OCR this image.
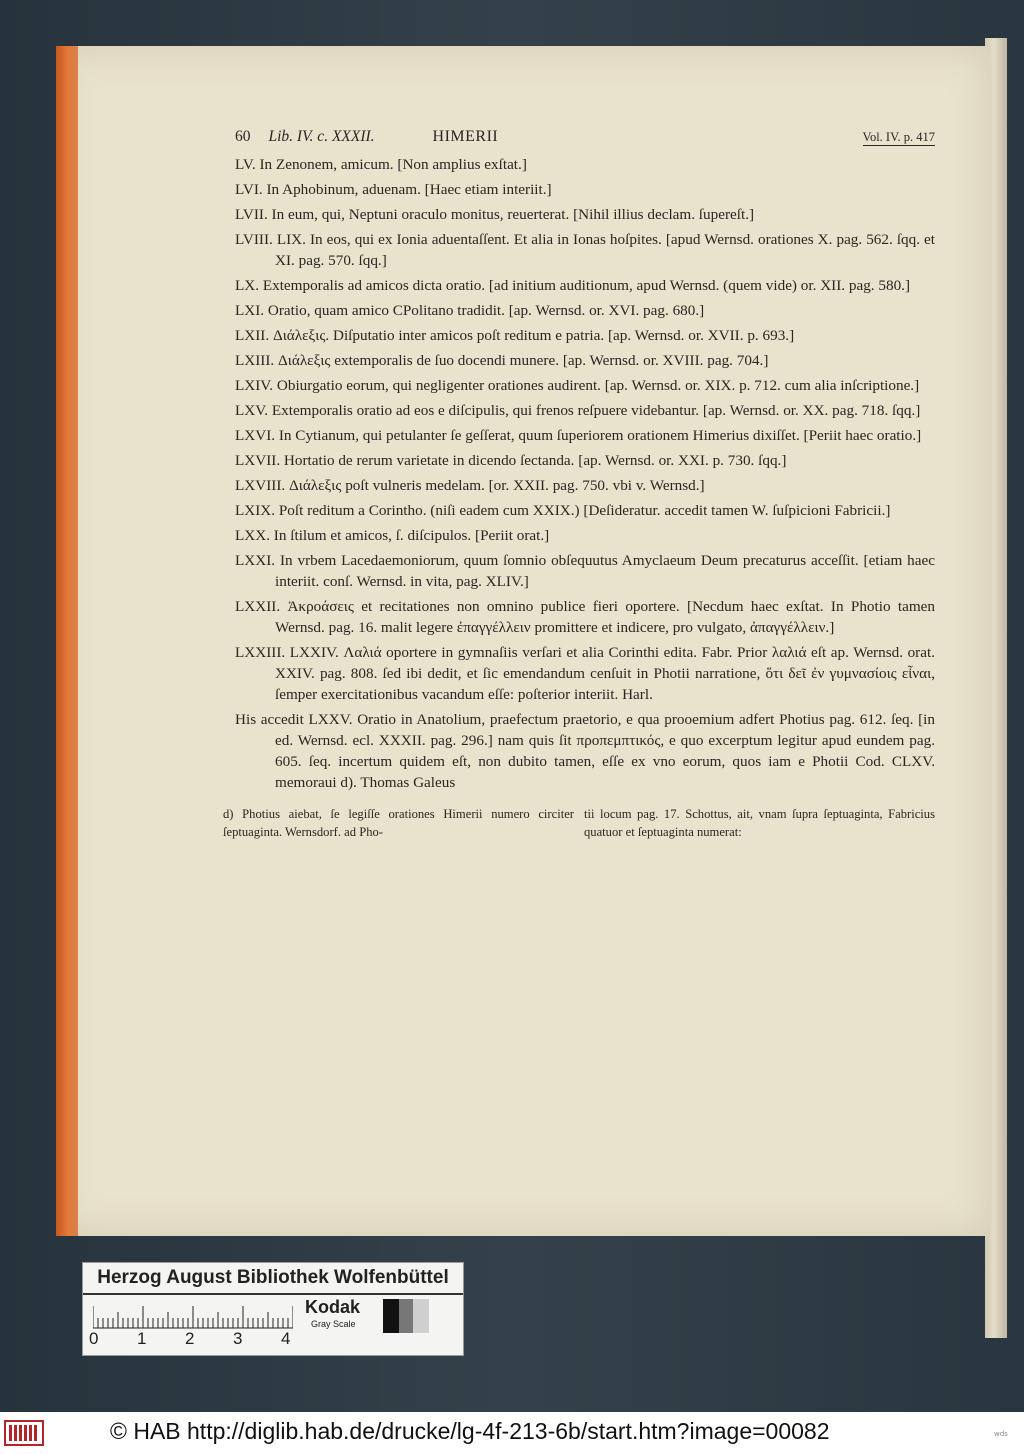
60 Lib. IV. c. XXXII.	HIMERII	Vol. IV. p. 417
LV. In Zenonem, amicum. [Non amplius exſtat.]
LVI. In Aphobinum, aduenam. [Haec etiam interiit.]
LVII. In eum, qui, Neptuni oraculo monitus, reuerterat. [Nihil illius declam. ſupereſt.]
LVIII. LIX. In eos, qui ex Ionia aduentaſſent. Et alia in Ionas hoſpites. [apud Wernsd. orationes X. pag. 562. ſqq. et XI. pag. 570. ſqq.]
LX. Extemporalis ad amicos dicta oratio. [ad initium auditionum, apud Wernsd. (quem vide) or. XII. pag. 580.]
LXI. Oratio, quam amico CPolitano tradidit. [ap. Wernsd. or. XVI. pag. 680.]
LXII. Διάλεξις. Diſputatio inter amicos poſt reditum e patria. [ap. Wernsd. or. XVII. p. 693.]
LXIII. Διάλεξις extemporalis de ſuo docendi munere. [ap. Wernsd. or. XVIII. pag. 704.]
LXIV. Obiurgatio eorum, qui negligenter orationes audirent. [ap. Wernsd. or. XIX. p. 712. cum alia inſcriptione.]
LXV. Extemporalis oratio ad eos e diſcipulis, qui frenos reſpuere videbantur. [ap. Wernsd. or. XX. pag. 718. ſqq.]
LXVI. In Cytianum, qui petulanter ſe geſſerat, quum ſuperiorem orationem Himerius dixiſſet. [Periit haec oratio.]
LXVII. Hortatio de rerum varietate in dicendo ſectanda. [ap. Wernsd. or. XXI. p. 730. ſqq.]
LXVIII. Διάλεξις poſt vulneris medelam. [or. XXII. pag. 750. vbi v. Wernsd.]
LXIX. Poſt reditum a Corintho. (niſi eadem cum XXIX.) [Deſideratur. accedit tamen W. ſuſpicioni Fabricii.]
LXX. In ſtilum et amicos, ſ. diſcipulos. [Periit orat.]
LXXI. In vrbem Lacedaemoniorum, quum ſomnio obſequutus Amyclaeum Deum precaturus acceſſit. [etiam haec interiit. conſ. Wernsd. in vita, pag. XLIV.]
LXXII. Ἀκροάσεις et recitationes non omnino publice fieri oportere. [Necdum haec exſtat. In Photio tamen Wernsd. pag. 16. malit legere ἐπαγγέλλειν promittere et indicere, pro vulgato, ἀπαγγέλλειν.]
LXXIII. LXXIV. Λαλιά oportere in gymnaſiis verſari et alia Corinthi edita. Fabr. Prior λαλιά eſt ap. Wernsd. orat. XXIV. pag. 808. ſed ibi dedit, et ſic emendandum cenſuit in Photii narratione, ὅτι δεῖ ἐν γυμνασίοις εἶναι, ſemper exercitationibus vacandum eſſe: poſterior interiit. Harl.
His accedit LXXV. Oratio in Anatolium, praefectum praetorio, e qua prooemium adfert Photius pag. 612. ſeq. [in ed. Wernsd. ecl. XXXII. pag. 296.] nam quis ſit προπεμπτικός, e quo excerptum legitur apud eundem pag. 605. ſeq. incertum quidem eſt, non dubito tamen, eſſe ex vno eorum, quos iam e Photii Cod. CLXV. memoraui d). Thomas Galeus
d) Photius aiebat, ſe legiſſe orationes Himerii numero circiter ſeptuaginta. Wernsdorf. ad Pho-
tii locum pag. 17. Schottus, ait, vnam ſupra ſeptuaginta, Fabricius quatuor et ſeptuaginta numerat:
Herzog August Bibliothek Wolfenbüttel
0 1 2 3 4
Kodak
Gray Scale
© HAB http://diglib.hab.de/drucke/lg-4f-213-6b/start.htm?image=00082	wds
